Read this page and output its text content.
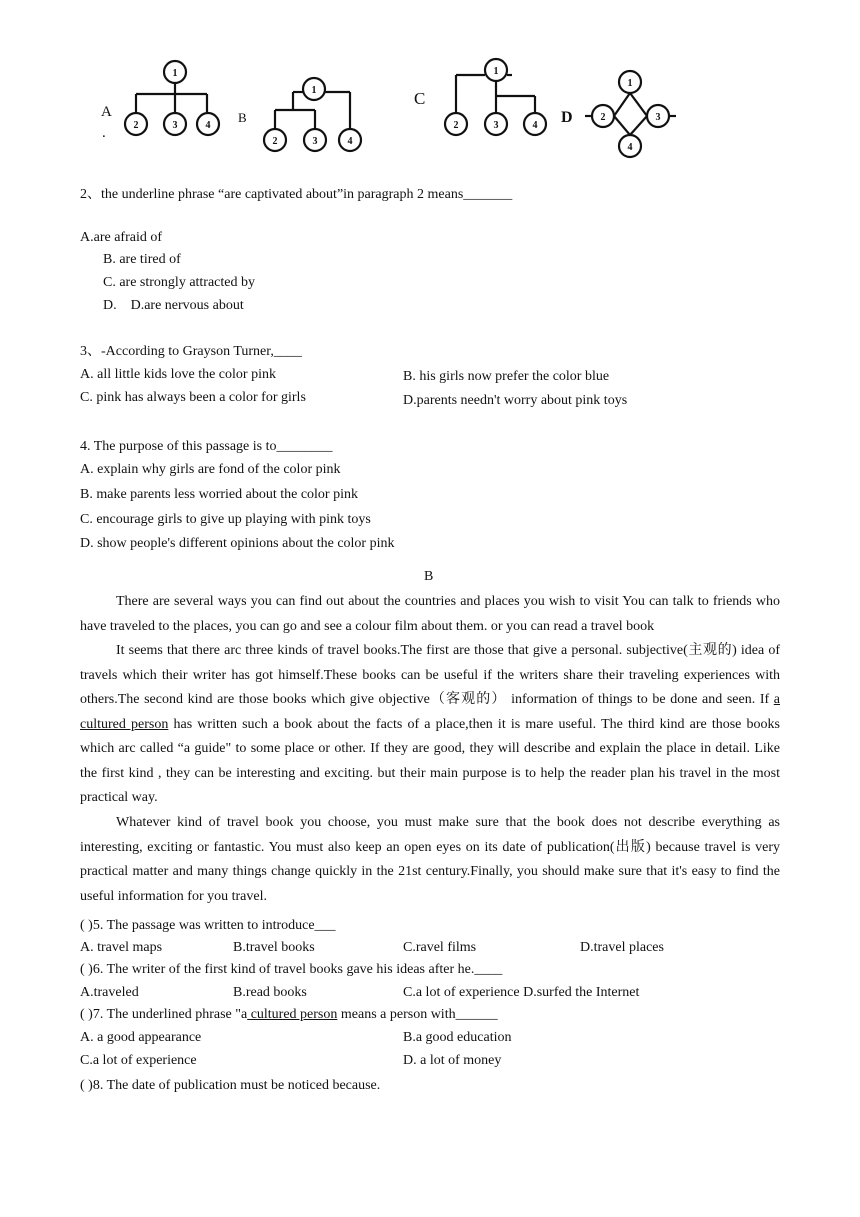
1
2	3	4
1
2	3	4
1
2	3	4
1
2	3
4
A
.
B
C
D
2、the underline phrase “are captivated about”in paragraph 2 means_______
A.are afraid of
B. are tired of
C. are strongly attracted by
D.    D.are nervous about
3、-According to Grayson Turner,____
A. all little kids love the color pink	B. his girls now prefer the color blue
C. pink has always been a color for girls	D.parents needn't worry about pink toys
4. The purpose of this passage is to________
A. explain why girls are fond of the color pink
B. make parents less worried about the color pink
C. encourage girls to give up playing with pink toys
D. show people's different opinions about the color pink
B
There are several ways you can find out about the countries and places you wish to visit You can talk to friends who have traveled to the places, you can go and see a colour film about them. or you can read a travel book
It seems that there arc three kinds of travel books.The first are those that give a personal. subjective(主观的) idea of travels which their writer has got himself.These books can be useful if the writers share their traveling experiences with others.The second kind are those books which give objective（客观的） information of things to be done and seen. If a cultured person has written such a book about the facts of a place,then it is mare useful. The third kind are those books which arc called “a guide" to some place or other. If they are good, they will describe and explain the place in detail. Like the first kind , they can be interesting and exciting. but their main purpose is to help the reader plan his travel in the most practical way.
Whatever kind of travel book you choose, you must make sure that the book does not describe everything as interesting, exciting or fantastic. You must also keep an open eyes on its date of publication(出版) because travel is very practical matter and many things change quickly in the 21st century.Finally, you should make sure that it's easy to find the useful information for you travel.
( )5. The passage was written to introduce___
A. travel maps	B.travel books	C.ravel films	D.travel places
( )6. The writer of the first kind of travel books gave his ideas after he.____
A.traveled	B.read books	C.a lot of experience D.surfed the Internet
( )7. The underlined phrase "a cultured person means a person with______
A. a good appearance	B.a good education
C.a lot of experience	D. a lot of money
( )8. The date of publication must be noticed because.
